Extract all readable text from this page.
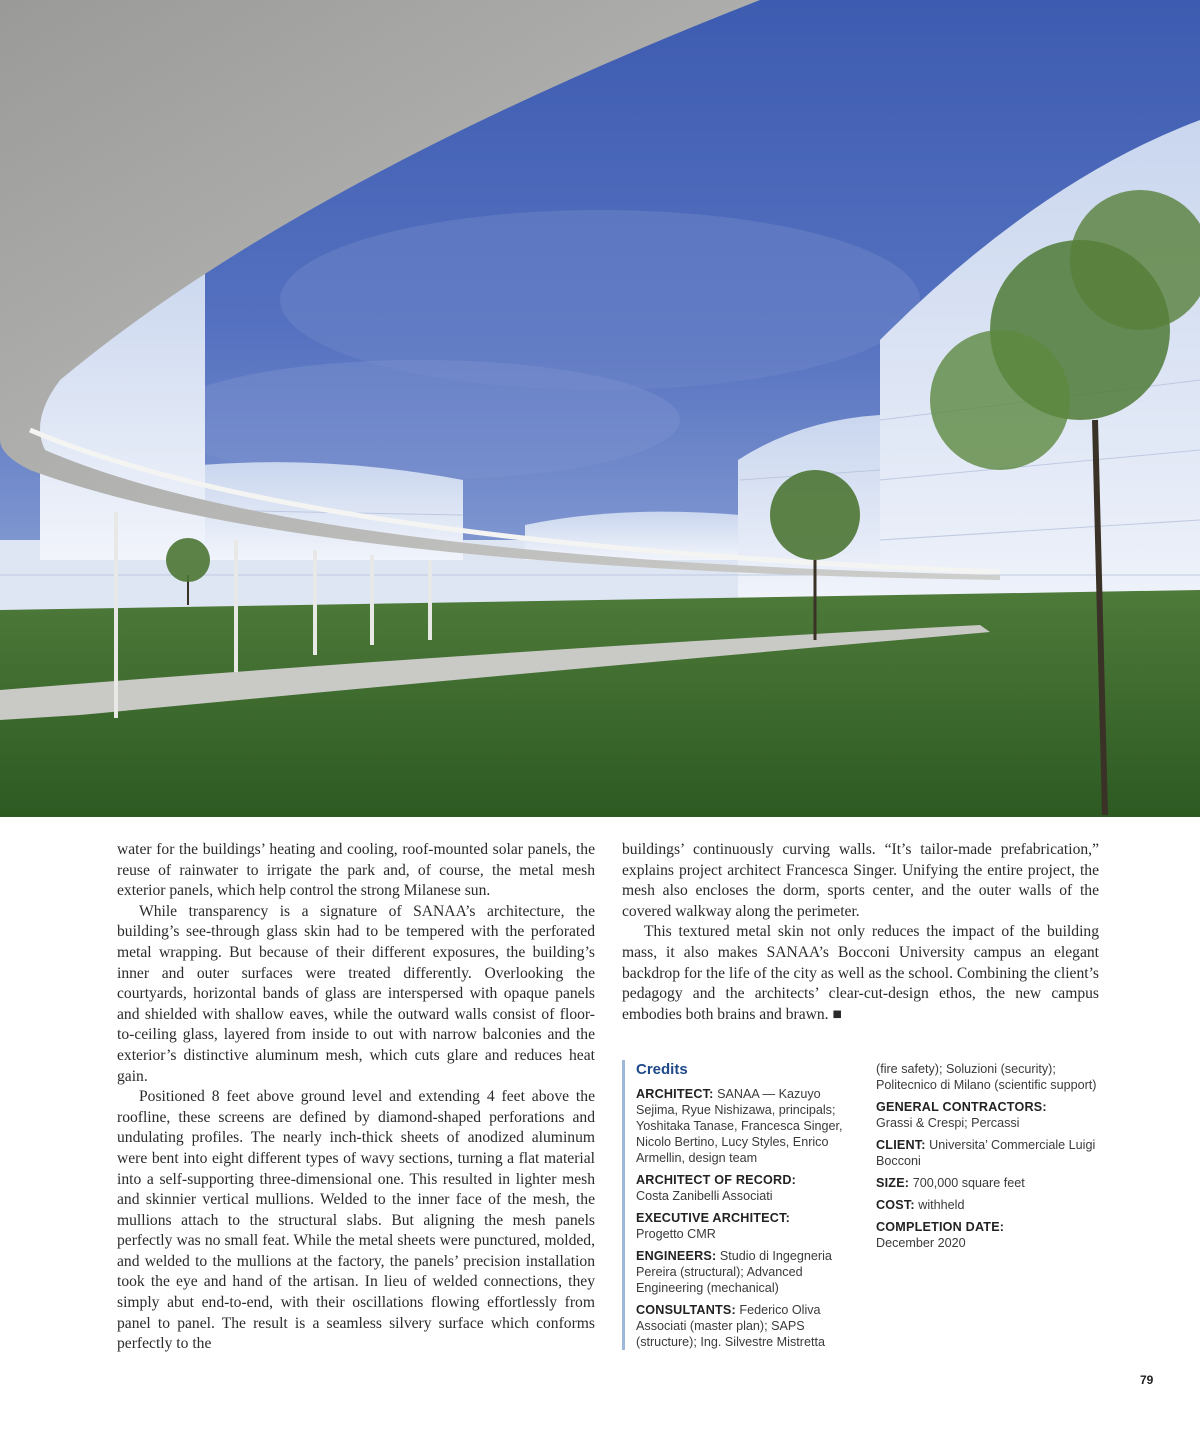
water for the buildings’ heating and cooling, roof-mounted solar panels, the reuse of rainwater to irrigate the park and, of course, the metal mesh exterior panels, which help control the strong Milanese sun.

While transparency is a signature of SANAA’s architecture, the building’s see-through glass skin had to be tempered with the perforated metal wrapping. But because of their different exposures, the building’s inner and outer surfaces were treated differently. Overlooking the courtyards, horizontal bands of glass are interspersed with opaque panels and shielded with shallow eaves, while the outward walls consist of floor-to-ceiling glass, layered from inside to out with narrow balconies and the exterior’s distinctive aluminum mesh, which cuts glare and reduces heat gain.

Positioned 8 feet above ground level and extending 4 feet above the roofline, these screens are defined by diamond-shaped perforations and undulating profiles. The nearly inch-thick sheets of anodized aluminum were bent into eight different types of wavy sections, turning a flat material into a self-supporting three-dimensional one. This resulted in lighter mesh and skinnier vertical mullions. Welded to the inner face of the mesh, the mullions attach to the structural slabs. But aligning the mesh panels perfectly was no small feat. While the metal sheets were punctured, molded, and welded to the mullions at the factory, the panels’ precision installation took the eye and hand of the artisan. In lieu of welded connections, they simply abut end-to-end, with their oscillations flowing effortlessly from panel to panel. The result is a seamless silvery surface which conforms perfectly to the

buildings’ continuously curving walls. “It’s tailor-made prefabrication,” explains project architect Francesca Singer. Unifying the entire project, the mesh also encloses the dorm, sports center, and the outer walls of the covered walkway along the perimeter.

This textured metal skin not only reduces the impact of the building mass, it also makes SANAA’s Bocconi University campus an elegant backdrop for the life of the city as well as the school. Combining the client’s pedagogy and the architects’ clear-cut-design ethos, the new campus embodies both brains and brawn. ■

Credits
ARCHITECT: SANAA — Kazuyo Sejima, Ryue Nishizawa, principals; Yoshitaka Tanase, Francesca Singer, Nicolo Bertino, Lucy Styles, Enrico Armellin, design team
ARCHITECT OF RECORD:
Costa Zanibelli Associati
EXECUTIVE ARCHITECT:
Progetto CMR
ENGINEERS: Studio di Ingegneria Pereira (structural); Advanced Engineering (mechanical)
CONSULTANTS: Federico Oliva Associati (master plan); SAPS (structure); Ing. Silvestre Mistretta
(fire safety); Soluzioni (security); Politecnico di Milano (scientific support)
GENERAL CONTRACTORS:
Grassi & Crespi; Percassi
CLIENT: Universita’ Commerciale Luigi Bocconi
SIZE: 700,000 square feet
COST: withheld
COMPLETION DATE:
December 2020
79
